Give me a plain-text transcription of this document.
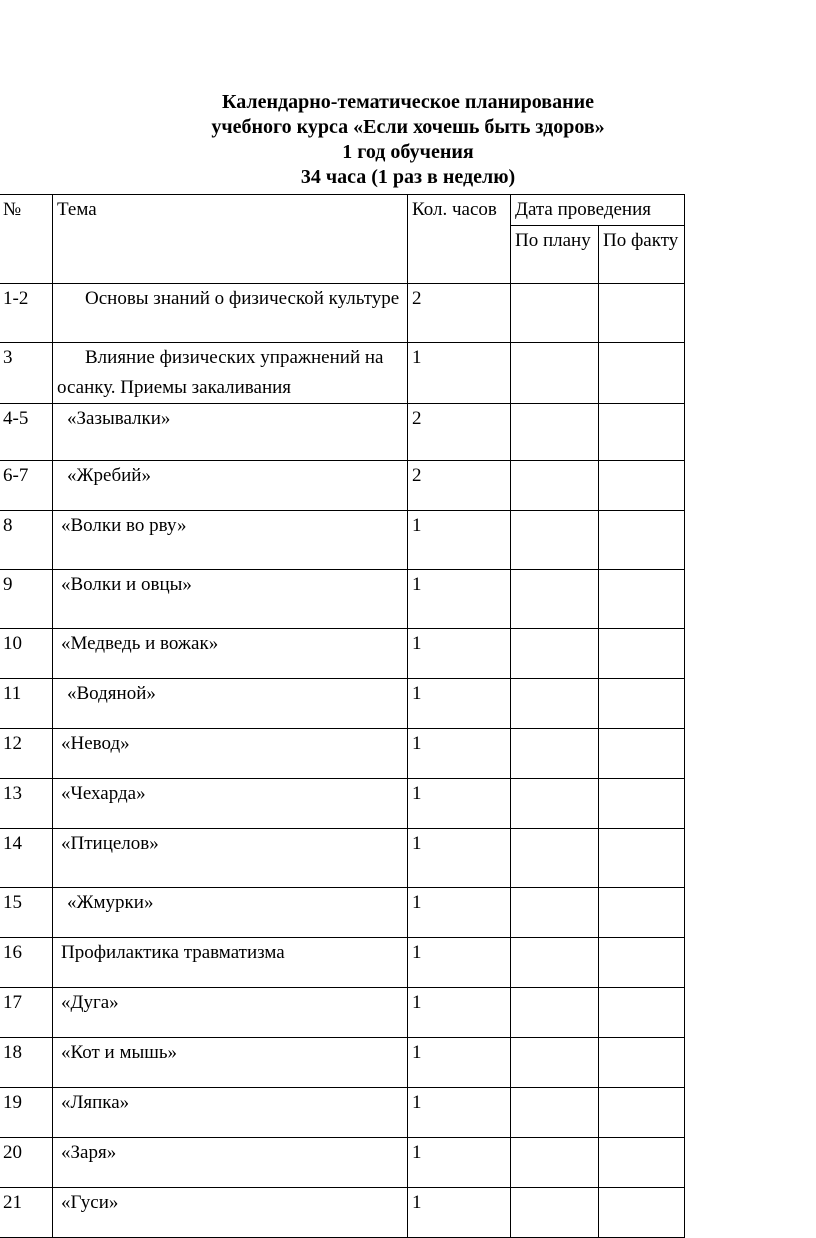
Календарно-тематическое планирование
учебного курса «Если хочешь быть здоров»
1 год обучения
34 часа (1 раз в неделю)
№	Тема	Кол. часов	Дата проведения	
			По плану	По факту
1-2	Основы знаний о физической культуре	2		
3	Влияние физических упражнений на осанку. Приемы закаливания	1		
4-5	«Зазывалки»	2		
6-7	«Жребий»	2		
8	«Волки во рву»	1		
9	«Волки и овцы»	1		
10	«Медведь и вожак»	1		
11	«Водяной»	1		
12	«Невод»	1		
13	«Чехарда»	1		
14	«Птицелов»	1		
15	«Жмурки»	1		
16	Профилактика травматизма	1		
17	«Дуга»	1		
18	«Кот и мышь»	1		
19	«Ляпка»	1		
20	«Заря»	1		
21	«Гуси»	1		
